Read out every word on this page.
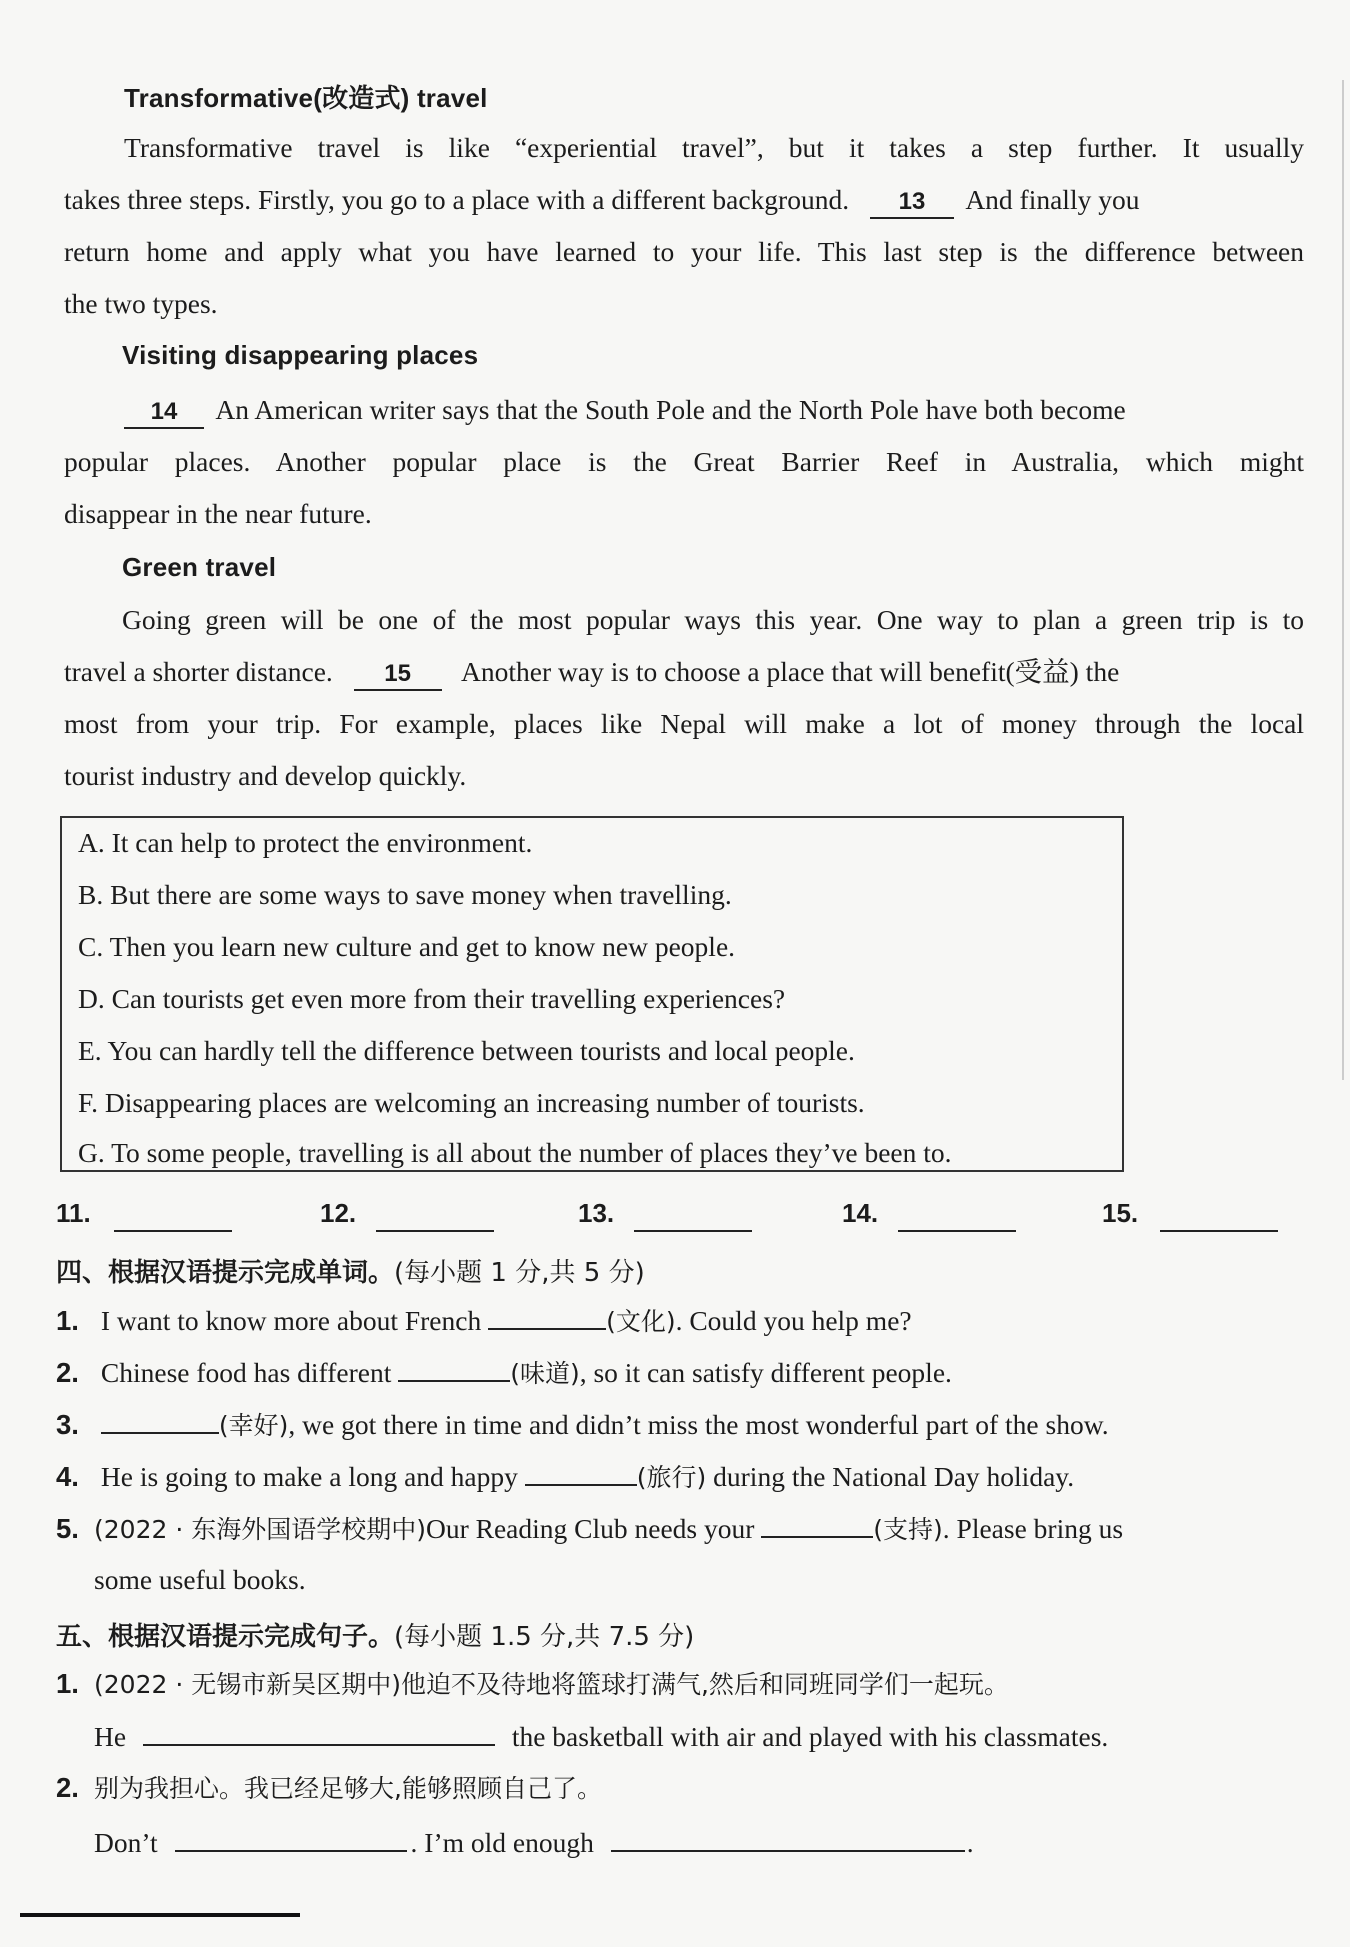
Transformative(改造式) travel
Transformative travel is like “experiential travel”, but it takes a step further. It usually
takes three steps. Firstly, you go to a place with a different background. 13 And finally you
return home and apply what you have learned to your life. This last step is the difference between
the two types.
Visiting disappearing places
14 An American writer says that the South Pole and the North Pole have both become
popular places. Another popular place is the Great Barrier Reef in Australia, which might
disappear in the near future.
Green travel
Going green will be one of the most popular ways this year. One way to plan a green trip is to
travel a shorter distance. 15 Another way is to choose a place that will benefit(受益) the
most from your trip. For example, places like Nepal will make a lot of money through the local
tourist industry and develop quickly.
A. It can help to protect the environment.
B. But there are some ways to save money when travelling.
C. Then you learn new culture and get to know new people.
D. Can tourists get even more from their travelling experiences?
E. You can hardly tell the difference between tourists and local people.
F. Disappearing places are welcoming an increasing number of tourists.
G. To some people, travelling is all about the number of places they’ve been to.
11.	12.	13.	14.	15.
四、根据汉语提示完成单词。(每小题 1 分,共 5 分)
1. I want to know more about French	(文化). Could you help me?
2. Chinese food has different	(味道), so it can satisfy different people.
3.	(幸好), we got there in time and didn’t miss the most wonderful part of the show.
4. He is going to make a long and happy	(旅行) during the National Day holiday.
5. (2022 · 东海外国语学校期中)Our Reading Club needs your	(支持). Please bring us
some useful books.
五、根据汉语提示完成句子。(每小题 1.5 分,共 7.5 分)
1. (2022 · 无锡市新吴区期中)他迫不及待地将篮球打满气,然后和同班同学们一起玩。
He	the basketball with air and played with his classmates.
2. 别为我担心。我已经足够大,能够照顾自己了。
Don’t	. I’m old enough	.
